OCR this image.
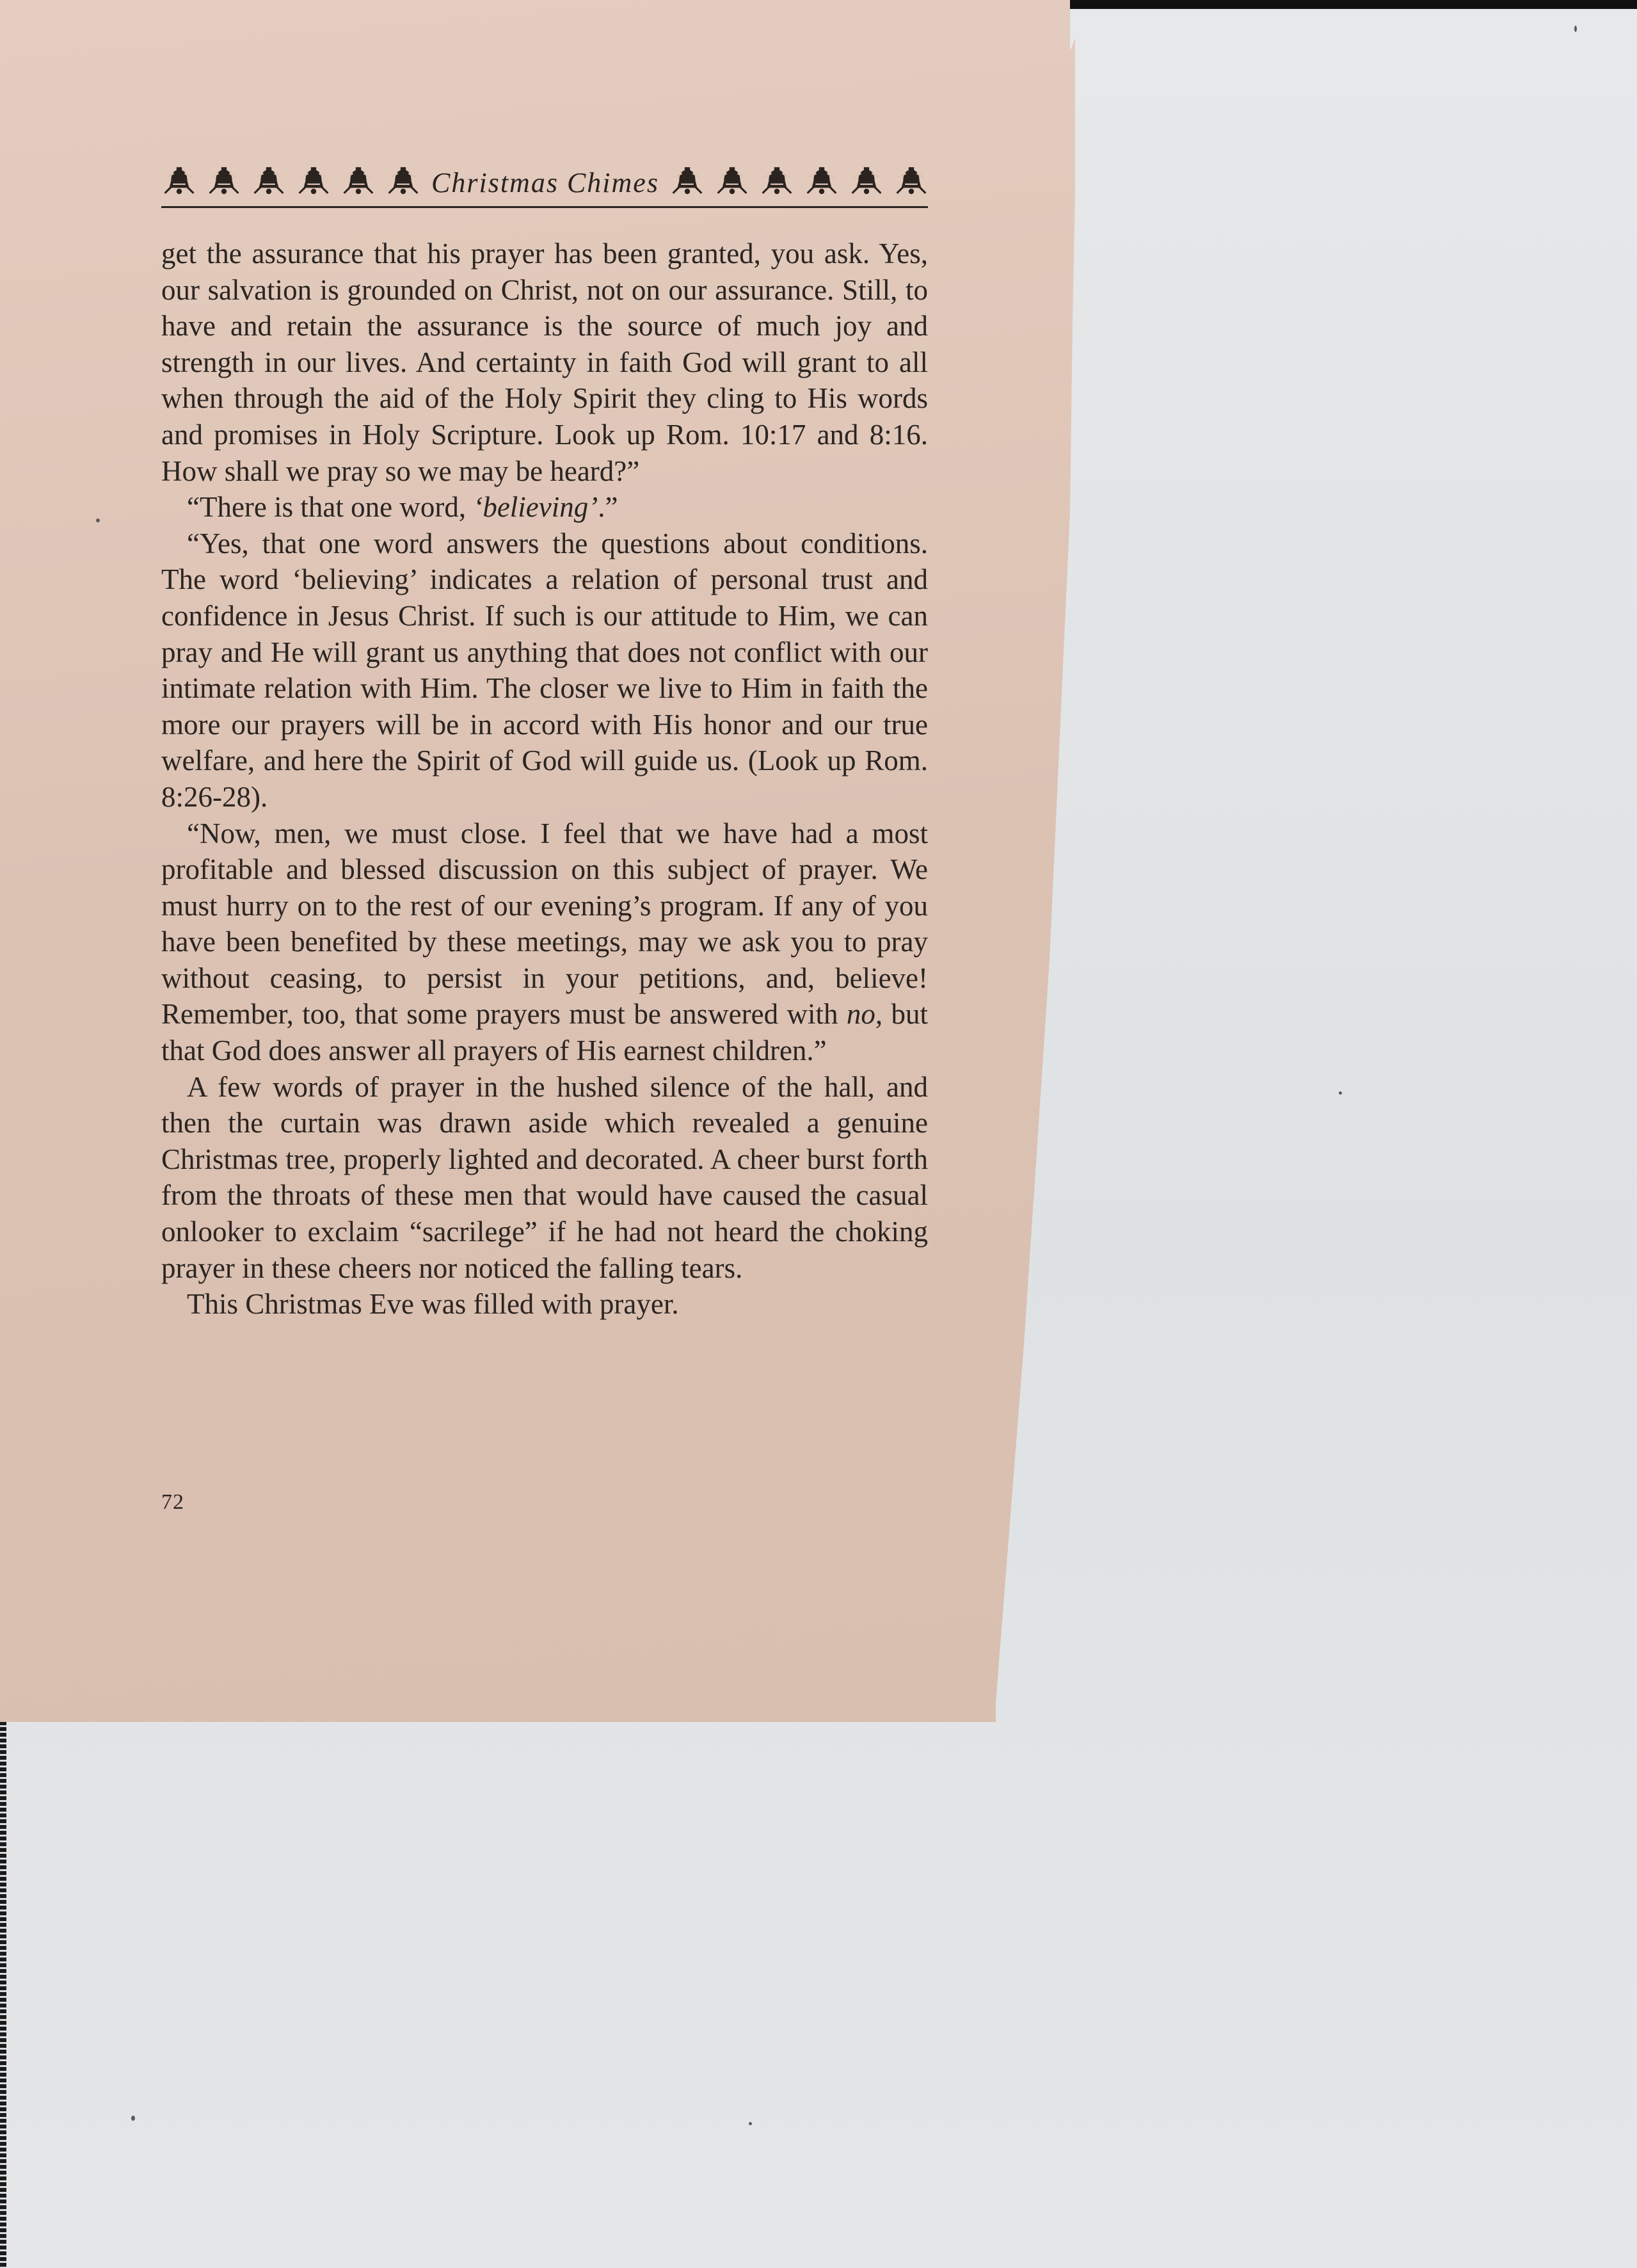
Christmas Chimes

get the assurance that his prayer has been granted, you ask. Yes, our salvation is grounded on Christ, not on our assurance. Still, to have and retain the assurance is the source of much joy and strength in our lives. And certainty in faith God will grant to all when through the aid of the Holy Spirit they cling to His words and promises in Holy Scripture. Look up Rom. 10:17 and 8:16. How shall we pray so we may be heard?”

“There is that one word, ‘believing’.”

“Yes, that one word answers the questions about conditions. The word ‘believing’ indicates a relation of personal trust and confidence in Jesus Christ. If such is our attitude to Him, we can pray and He will grant us anything that does not conflict with our intimate relation with Him. The closer we live to Him in faith the more our prayers will be in accord with His honor and our true welfare, and here the Spirit of God will guide us. (Look up Rom. 8:26-28).

“Now, men, we must close. I feel that we have had a most profitable and blessed discussion on this subject of prayer. We must hurry on to the rest of our evening’s program. If any of you have been benefited by these meetings, may we ask you to pray without ceasing, to persist in your petitions, and, believe! Remember, too, that some prayers must be answered with no, but that God does answer all prayers of His earnest children.”

A few words of prayer in the hushed silence of the hall, and then the curtain was drawn aside which revealed a genuine Christmas tree, properly lighted and decorated. A cheer burst forth from the throats of these men that would have caused the casual onlooker to exclaim “sacrilege” if he had not heard the choking prayer in these cheers nor noticed the falling tears.

This Christmas Eve was filled with prayer.

72
